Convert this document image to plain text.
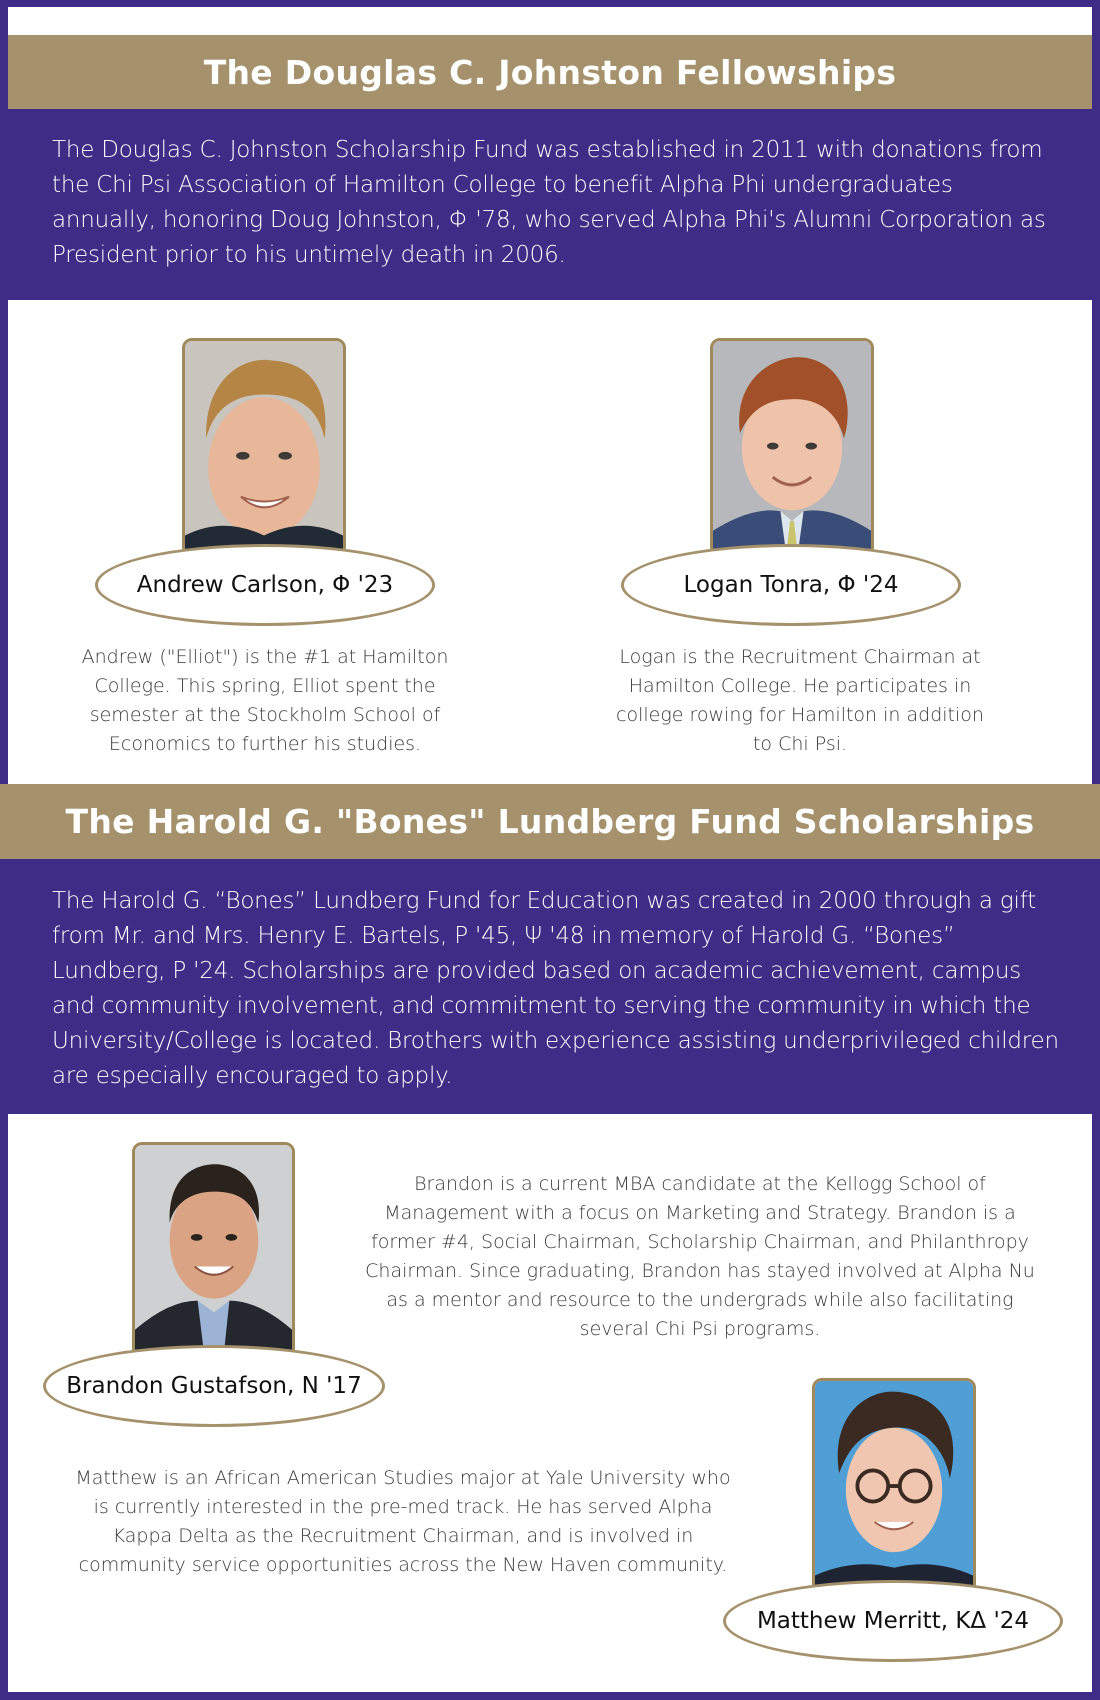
The Douglas C. Johnston Fellowships
The Douglas C. Johnston Scholarship Fund was established in 2011 with donations from the Chi Psi Association of Hamilton College to benefit Alpha Phi undergraduates annually, honoring Doug Johnston, Φ '78, who served Alpha Phi's Alumni Corporation as President prior to his untimely death in 2006.
Andrew Carlson, Φ '23
Andrew ("Elliot") is the #1 at Hamilton College. This spring, Elliot spent the semester at the Stockholm School of Economics to further his studies.
Logan Tonra, Φ '24
Logan is the Recruitment Chairman at Hamilton College. He participates in college rowing for Hamilton in addition to Chi Psi.
The Harold G. "Bones" Lundberg Fund Scholarships
The Harold G. “Bones” Lundberg Fund for Education was created in 2000 through a gift from Mr. and Mrs. Henry E. Bartels, P '45, Ψ '48 in memory of Harold G. “Bones” Lundberg, P '24. Scholarships are provided based on academic achievement, campus and community involvement, and commitment to serving the community in which the University/College is located. Brothers with experience assisting underprivileged children are especially encouraged to apply.
Brandon Gustafson, N '17
Brandon is a current MBA candidate at the Kellogg School of Management with a focus on Marketing and Strategy. Brandon is a former #4, Social Chairman, Scholarship Chairman, and Philanthropy Chairman. Since graduating, Brandon has stayed involved at Alpha Nu as a mentor and resource to the undergrads while also facilitating several Chi Psi programs.
Matthew is an African American Studies major at Yale University who is currently interested in the pre-med track. He has served Alpha Kappa Delta as the Recruitment Chairman, and is involved in community service opportunities across the New Haven community.
Matthew Merritt, KΔ '24
